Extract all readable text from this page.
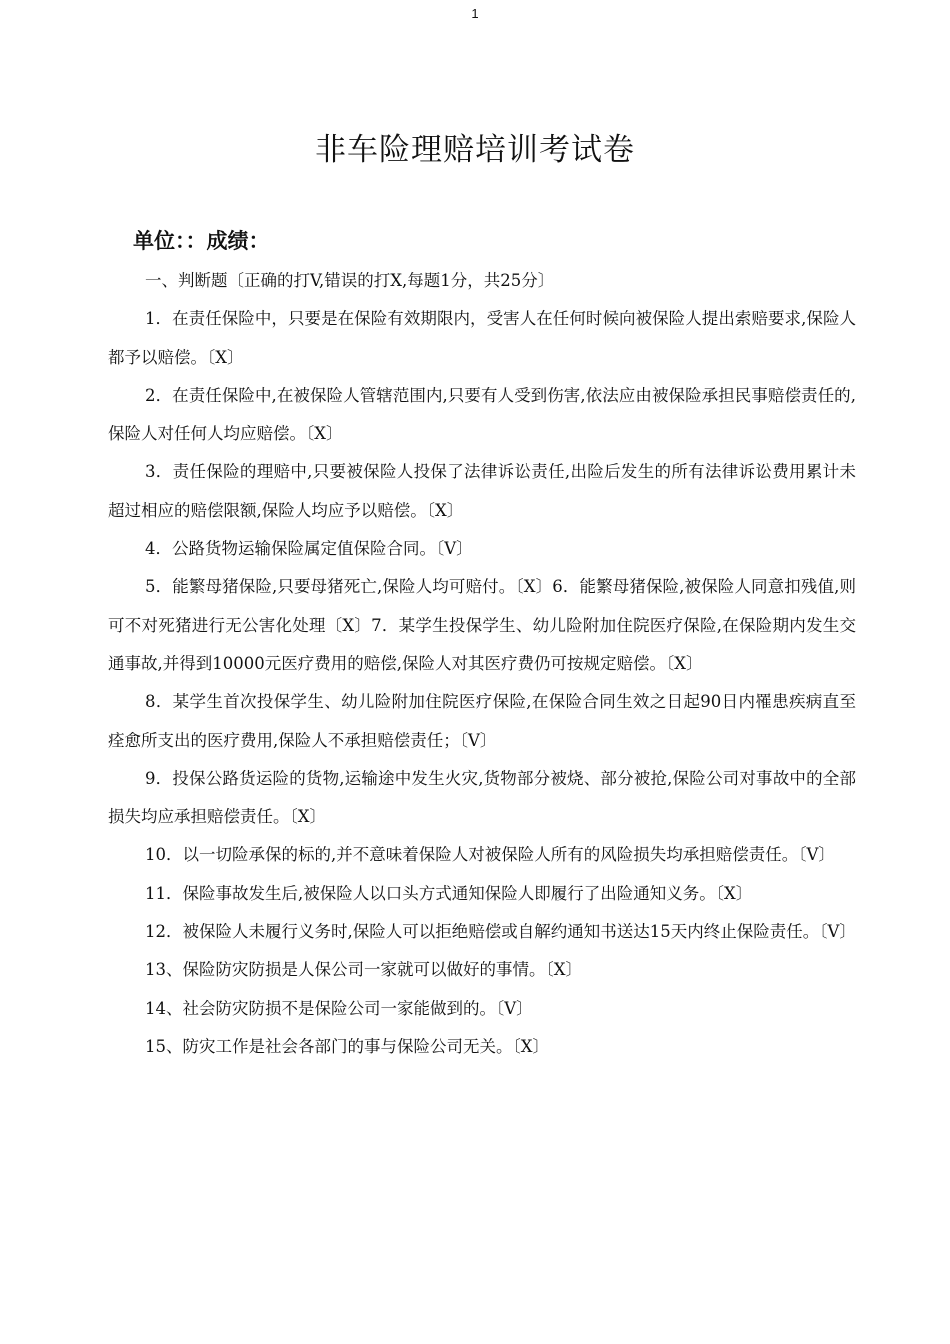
1
非车险理赔培训考试卷
单位：：成绩：

一、判断题〔正确的打V,错误的打X,每题1分，共25分〕

1．在责任保险中，只要是在保险有效期限内，受害人在任何时候向被保险人提出索赔要求,保险人都予以赔偿。〔X〕

2．在责任保险中,在被保险人管辖范围内,只要有人受到伤害,依法应由被保险承担民事赔偿责任的,保险人对任何人均应赔偿。〔X〕

3．责任保险的理赔中,只要被保险人投保了法律诉讼责任,出险后发生的所有法律诉讼费用累计未超过相应的赔偿限额,保险人均应予以赔偿。〔X〕

4．公路货物运输保险属定值保险合同。〔V〕

5．能繁母猪保险,只要母猪死亡,保险人均可赔付。〔X〕6．能繁母猪保险,被保险人同意扣残值,则可不对死猪进行无公害化处理〔X〕7．某学生投保学生、幼儿险附加住院医疗保险,在保险期内发生交通事故,并得到10000元医疗费用的赔偿,保险人对其医疗费仍可按规定赔偿。〔X〕

8．某学生首次投保学生、幼儿险附加住院医疗保险,在保险合同生效之日起90日内罹患疾病直至痊愈所支出的医疗费用,保险人不承担赔偿责任；〔V〕

9．投保公路货运险的货物,运输途中发生火灾,货物部分被烧、部分被抢,保险公司对事故中的全部损失均应承担赔偿责任。〔X〕

10．以一切险承保的标的,并不意味着保险人对被保险人所有的风险损失均承担赔偿责任。〔V〕

11．保险事故发生后,被保险人以口头方式通知保险人即履行了出险通知义务。〔X〕

12．被保险人未履行义务时,保险人可以拒绝赔偿或自解约通知书送达15天内终止保险责任。〔V〕

13、保险防灾防损是人保公司一家就可以做好的事情。〔X〕

14、社会防灾防损不是保险公司一家能做到的。〔V〕

15、防灾工作是社会各部门的事与保险公司无关。〔X〕
